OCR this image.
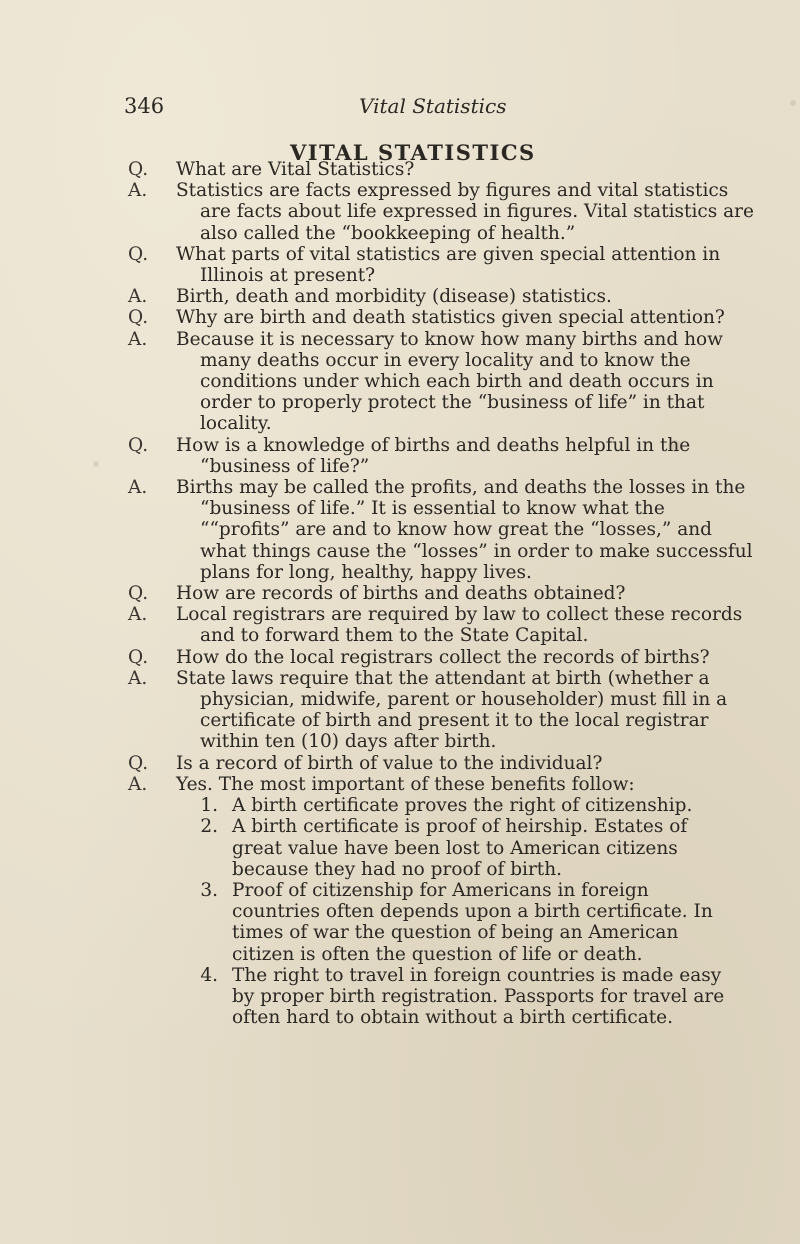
346	Vital Statistics
VITAL STATISTICS
Q.	What are Vital Statistics?
A.	Statistics are facts expressed by figures and vital statistics are facts about life expressed in figures. Vital statistics are also called the “bookkeeping of health.”
Q.	What parts of vital statistics are given special attention in Illinois at present?
A.	Birth, death and morbidity (disease) statistics.
Q.	Why are birth and death statistics given special attention?
A.	Because it is necessary to know how many births and how many deaths occur in every locality and to know the conditions under which each birth and death occurs in order to properly protect the “business of life” in that locality.
Q.	How is a knowledge of births and deaths helpful in the “business of life?”
A.	Births may be called the profits, and deaths the losses in the “business of life.” It is essential to know what the ““profits” are and to know how great the “losses,” and what things cause the “losses” in order to make successful plans for long, healthy, happy lives.
Q.	How are records of births and deaths obtained?
A.	Local registrars are required by law to collect these records and to forward them to the State Capital.
Q.	How do the local registrars collect the records of births?
A.	State laws require that the attendant at birth (whether a physician, midwife, parent or householder) must fill in a certificate of birth and present it to the local registrar within ten (10) days after birth.
Q.	Is a record of birth of value to the individual?
A.	Yes. The most important of these benefits follow:
1. A birth certificate proves the right of citizenship.
2. A birth certificate is proof of heirship. Estates of great value have been lost to American citizens because they had no proof of birth.
3. Proof of citizenship for Americans in foreign countries often depends upon a birth certificate. In times of war the question of being an American citizen is often the question of life or death.
4. The right to travel in foreign countries is made easy by proper birth registration. Passports for travel are often hard to obtain without a birth certificate.
